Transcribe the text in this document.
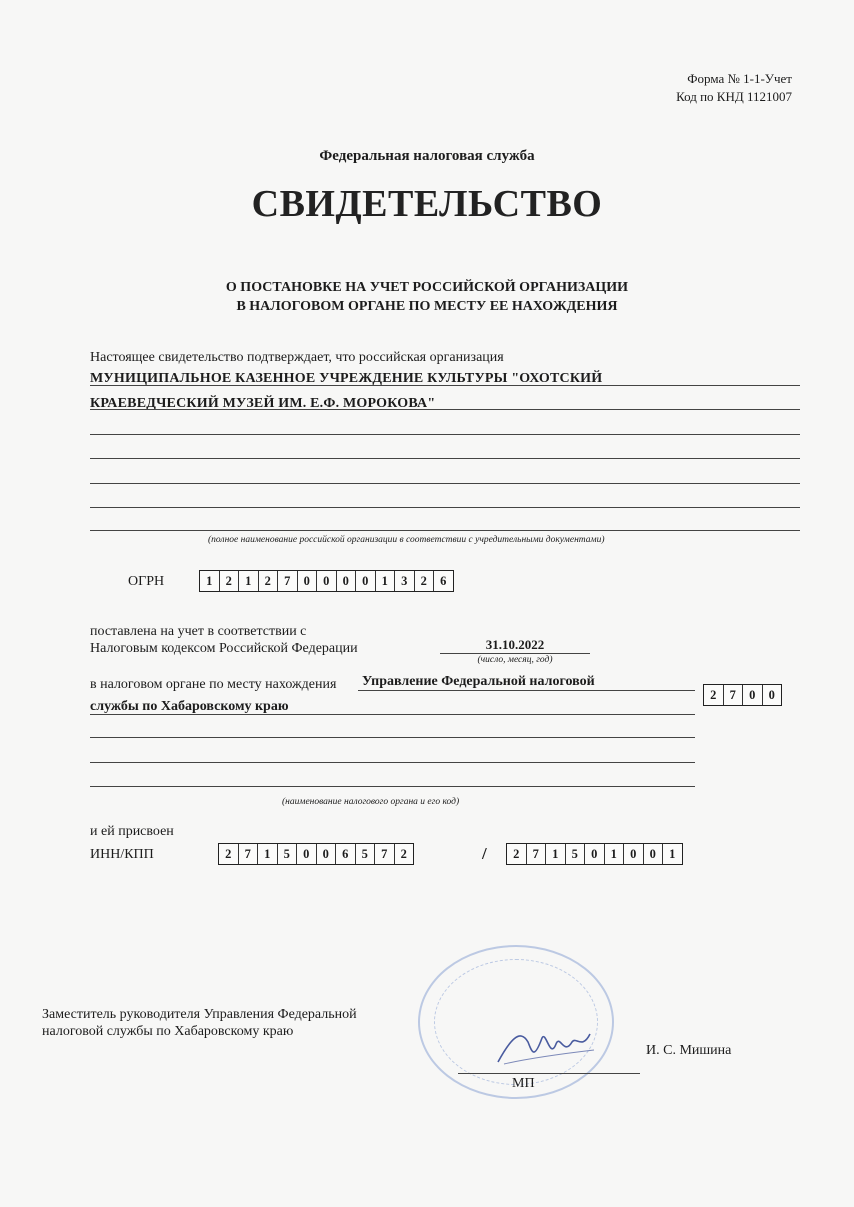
Форма № 1-1-Учет
Код по КНД 1121007
Федеральная налоговая служба
СВИДЕТЕЛЬСТВО
О ПОСТАНОВКЕ НА УЧЕТ РОССИЙСКОЙ ОРГАНИЗАЦИИ
В НАЛОГОВОМ ОРГАНЕ ПО МЕСТУ ЕЕ НАХОЖДЕНИЯ
Настоящее свидетельство подтверждает, что российская организация
МУНИЦИПАЛЬНОЕ КАЗЕННОЕ УЧРЕЖДЕНИЕ КУЛЬТУРЫ "ОХОТСКИЙ
КРАЕВЕДЧЕСКИЙ МУЗЕЙ ИМ. Е.Ф. МОРОКОВА"
(полное наименование российской организации в соответствии с учредительными документами)
ОГРН	1	2	1	2	7	0	0	0	0	1	3	2	6
поставлена на учет в соответствии с
Налоговым кодексом Российской Федерации	31.10.2022
(число, месяц, год)
в налоговом органе по месту нахождения Управление Федеральной налоговой
службы по Хабаровскому краю
(наименование налогового органа и его код)
2	7	0	0
и ей присвоен
ИНН/КПП	2	7	1	5	0	0	6	5	7	2	/	2	7	1	5	0	1	0	0	1
Заместитель руководителя Управления Федеральной
налоговой службы по Хабаровскому краю
МП
И. С. Мишина
